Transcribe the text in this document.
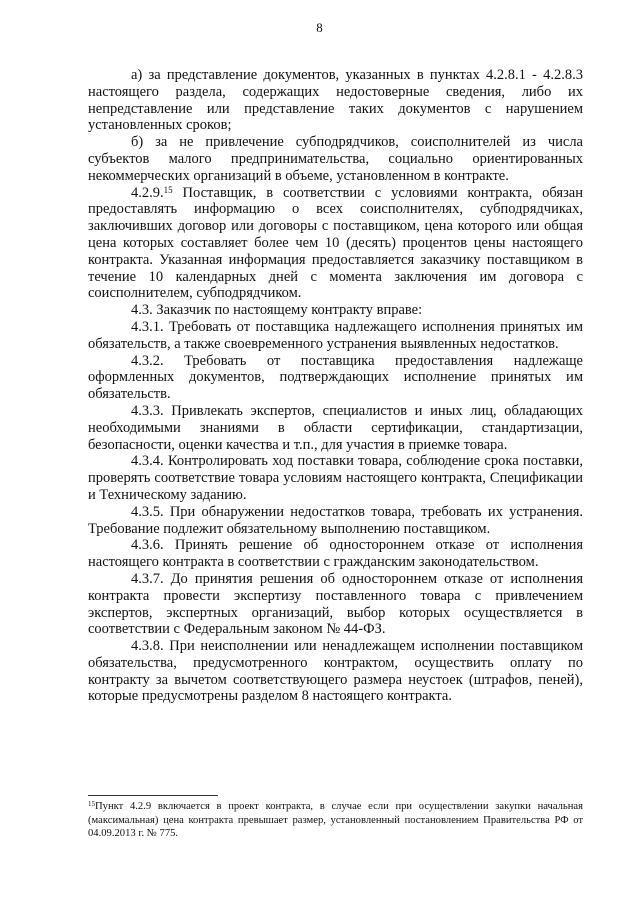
8

а) за представление документов, указанных в пунктах 4.2.8.1 - 4.2.8.3 настоящего раздела, содержащих недостоверные сведения, либо их непредставление или представление таких документов с нарушением установленных сроков;

б) за не привлечение субподрядчиков, соисполнителей из числа субъектов малого предпринимательства, социально ориентированных некоммерческих организаций в объеме, установленном в контракте.

4.2.9.15 Поставщик, в соответствии с условиями контракта, обязан предоставлять информацию о всех соисполнителях, субподрядчиках, заключивших договор или договоры с поставщиком, цена которого или общая цена которых составляет более чем 10 (десять) процентов цены настоящего контракта. Указанная информация предоставляется заказчику поставщиком в течение 10 календарных дней с момента заключения им договора с соисполнителем, субподрядчиком.

4.3. Заказчик по настоящему контракту вправе:

4.3.1. Требовать от поставщика надлежащего исполнения принятых им обязательств, а также своевременного устранения выявленных недостатков.

4.3.2. Требовать от поставщика предоставления надлежаще оформленных документов, подтверждающих исполнение принятых им обязательств.

4.3.3. Привлекать экспертов, специалистов и иных лиц, обладающих необходимыми знаниями в области сертификации, стандартизации, безопасности, оценки качества и т.п., для участия в приемке товара.

4.3.4. Контролировать ход поставки товара, соблюдение срока поставки, проверять соответствие товара условиям настоящего контракта, Спецификации и Техническому заданию.

4.3.5. При обнаружении недостатков товара, требовать их устранения. Требование подлежит обязательному выполнению поставщиком.

4.3.6. Принять решение об одностороннем отказе от исполнения настоящего контракта в соответствии с гражданским законодательством.

4.3.7. До принятия решения об одностороннем отказе от исполнения контракта провести экспертизу поставленного товара с привлечением экспертов, экспертных организаций, выбор которых осуществляется в соответствии с Федеральным законом № 44-ФЗ.

4.3.8. При неисполнении или ненадлежащем исполнении поставщиком обязательства, предусмотренного контрактом, осуществить оплату по контракту за вычетом соответствующего размера неустоек (штрафов, пеней), которые предусмотрены разделом 8 настоящего контракта.

$^{15}$Пункт 4.2.9 включается в проект контракта, в случае если при осуществлении закупки начальная (максимальная) цена контракта превышает размер, установленный постановлением Правительства РФ от 04.09.2013 г. № 775.
